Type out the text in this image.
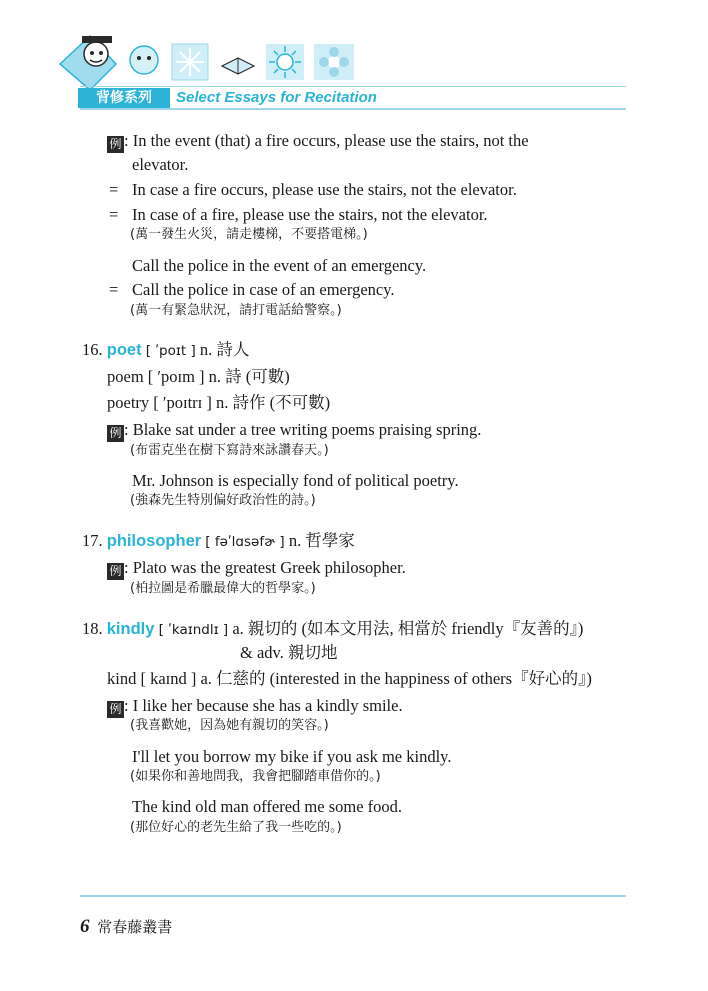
背修系列	Select Essays for Recitation
例 : In the event (that) a fire occurs, please use the stairs, not the
elevator.
= In case a fire occurs, please use the stairs, not the elevator.
= In case of a fire, please use the stairs, not the elevator.
(萬一發生火災，請走樓梯，不要搭電梯。)
Call the police in the event of an emergency.
= Call the police in case of an emergency.
(萬一有緊急狀況，請打電話給警察。)
16. poet [ ʹpoɪt ] n. 詩人
poem [ ʹpoɪm ] n. 詩 (可數)
poetry [ ʹpoɪtrɪ ] n. 詩作 (不可數)
例 : Blake sat under a tree writing poems praising spring.
(布雷克坐在樹下寫詩來詠讚春天。)
Mr. Johnson is especially fond of political poetry.
(強森先生特別偏好政治性的詩。)
17. philosopher [ fəʹlɑsəfɚ ] n. 哲學家
例 : Plato was the greatest Greek philosopher.
(柏拉圖是希臘最偉大的哲學家。)
18. kindly [ ʹkaɪndlɪ ] a. 親切的 (如本文用法, 相當於 friendly『友善的』)
& adv. 親切地
kind [ kaɪnd ] a. 仁慈的 (interested in the happiness of others『好心的』)
例 : I like her because she has a kindly smile.
(我喜歡她，因為她有親切的笑容。)
I'll let you borrow my bike if you ask me kindly.
(如果你和善地問我，我會把腳踏車借你的。)
The kind old man offered me some food.
(那位好心的老先生給了我一些吃的。)
6 常春藤叢書
